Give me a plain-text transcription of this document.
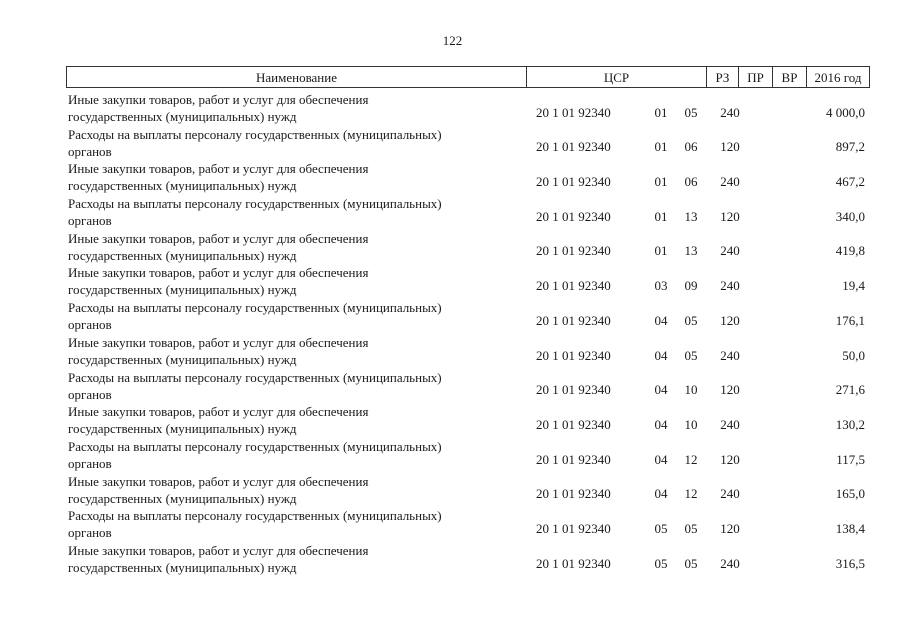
122
Наименование	ЦСР	РЗ	ПР	ВР	2016 год
Иные закупки товаров, работ и услуг для обеспечения
государственных (муниципальных) нужд	20 1 01 92340	01	05	240	4 000,0
Расходы на выплаты персоналу государственных (муниципальных)
органов	20 1 01 92340	01	06	120	897,2
Иные закупки товаров, работ и услуг для обеспечения
государственных (муниципальных) нужд	20 1 01 92340	01	06	240	467,2
Расходы на выплаты персоналу государственных (муниципальных)
органов	20 1 01 92340	01	13	120	340,0
Иные закупки товаров, работ и услуг для обеспечения
государственных (муниципальных) нужд	20 1 01 92340	01	13	240	419,8
Иные закупки товаров, работ и услуг для обеспечения
государственных (муниципальных) нужд	20 1 01 92340	03	09	240	19,4
Расходы на выплаты персоналу государственных (муниципальных)
органов	20 1 01 92340	04	05	120	176,1
Иные закупки товаров, работ и услуг для обеспечения
государственных (муниципальных) нужд	20 1 01 92340	04	05	240	50,0
Расходы на выплаты персоналу государственных (муниципальных)
органов	20 1 01 92340	04	10	120	271,6
Иные закупки товаров, работ и услуг для обеспечения
государственных (муниципальных) нужд	20 1 01 92340	04	10	240	130,2
Расходы на выплаты персоналу государственных (муниципальных)
органов	20 1 01 92340	04	12	120	117,5
Иные закупки товаров, работ и услуг для обеспечения
государственных (муниципальных) нужд	20 1 01 92340	04	12	240	165,0
Расходы на выплаты персоналу государственных (муниципальных)
органов	20 1 01 92340	05	05	120	138,4
Иные закупки товаров, работ и услуг для обеспечения
государственных (муниципальных) нужд	20 1 01 92340	05	05	240	316,5
